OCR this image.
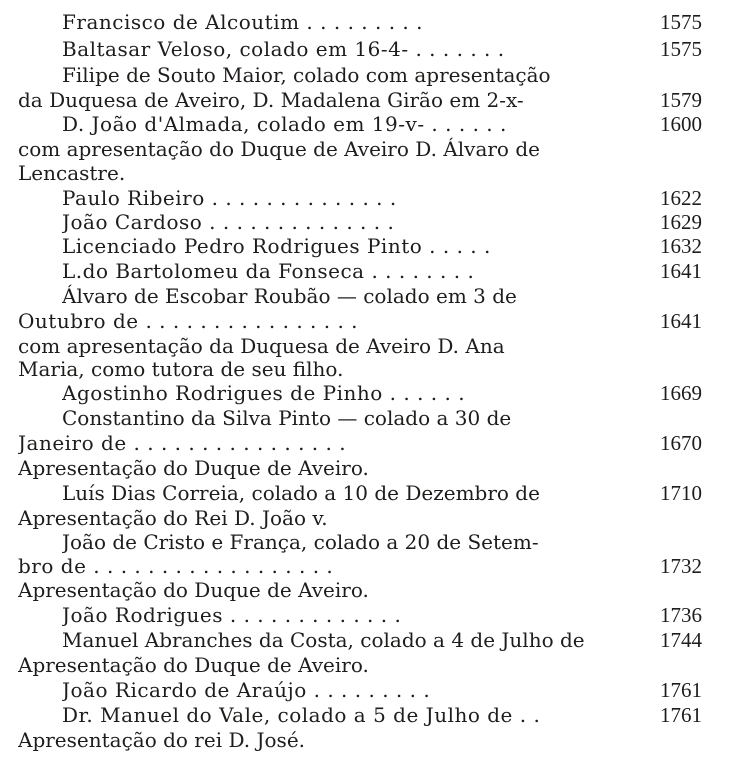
Francisco de Alcoutim . . . . . . . . .	1575
Baltasar Veloso, colado em 16-4- . . . . . . .	1575
Filipe de Souto Maior, colado com apresentação
da Duquesa de Aveiro, D. Madalena Girão em 2-x-	1579
D. João d'Almada, colado em 19-v- . . . . . .	1600
com apresentação do Duque de Aveiro D. Álvaro de
Lencastre.
Paulo Ribeiro . . . . . . . . . . . . . .	1622
João Cardoso . . . . . . . . . . . . . .	1629
Licenciado Pedro Rodrigues Pinto . . . . .	1632
L.do Bartolomeu da Fonseca . . . . . . . .	1641
Álvaro de Escobar Roubão — colado em 3 de
Outubro de . . . . . . . . . . . . . . . .	1641
com apresentação da Duquesa de Aveiro D. Ana
Maria, como tutora de seu filho.
Agostinho Rodrigues de Pinho . . . . . .	1669
Constantino da Silva Pinto — colado a 30 de
Janeiro de . . . . . . . . . . . . . . . .	1670
Apresentação do Duque de Aveiro.
Luís Dias Correia, colado a 10 de Dezembro de	1710
Apresentação do Rei D. João v.
João de Cristo e França, colado a 20 de Setem-
bro de . . . . . . . . . . . . . . . . . .	1732
Apresentação do Duque de Aveiro.
João Rodrigues . . . . . . . . . . . . .	1736
Manuel Abranches da Costa, colado a 4 de Julho de	1744
Apresentação do Duque de Aveiro.
João Ricardo de Araújo . . . . . . . . .	1761
Dr. Manuel do Vale, colado a 5 de Julho de . .	1761
Apresentação do rei D. José.
